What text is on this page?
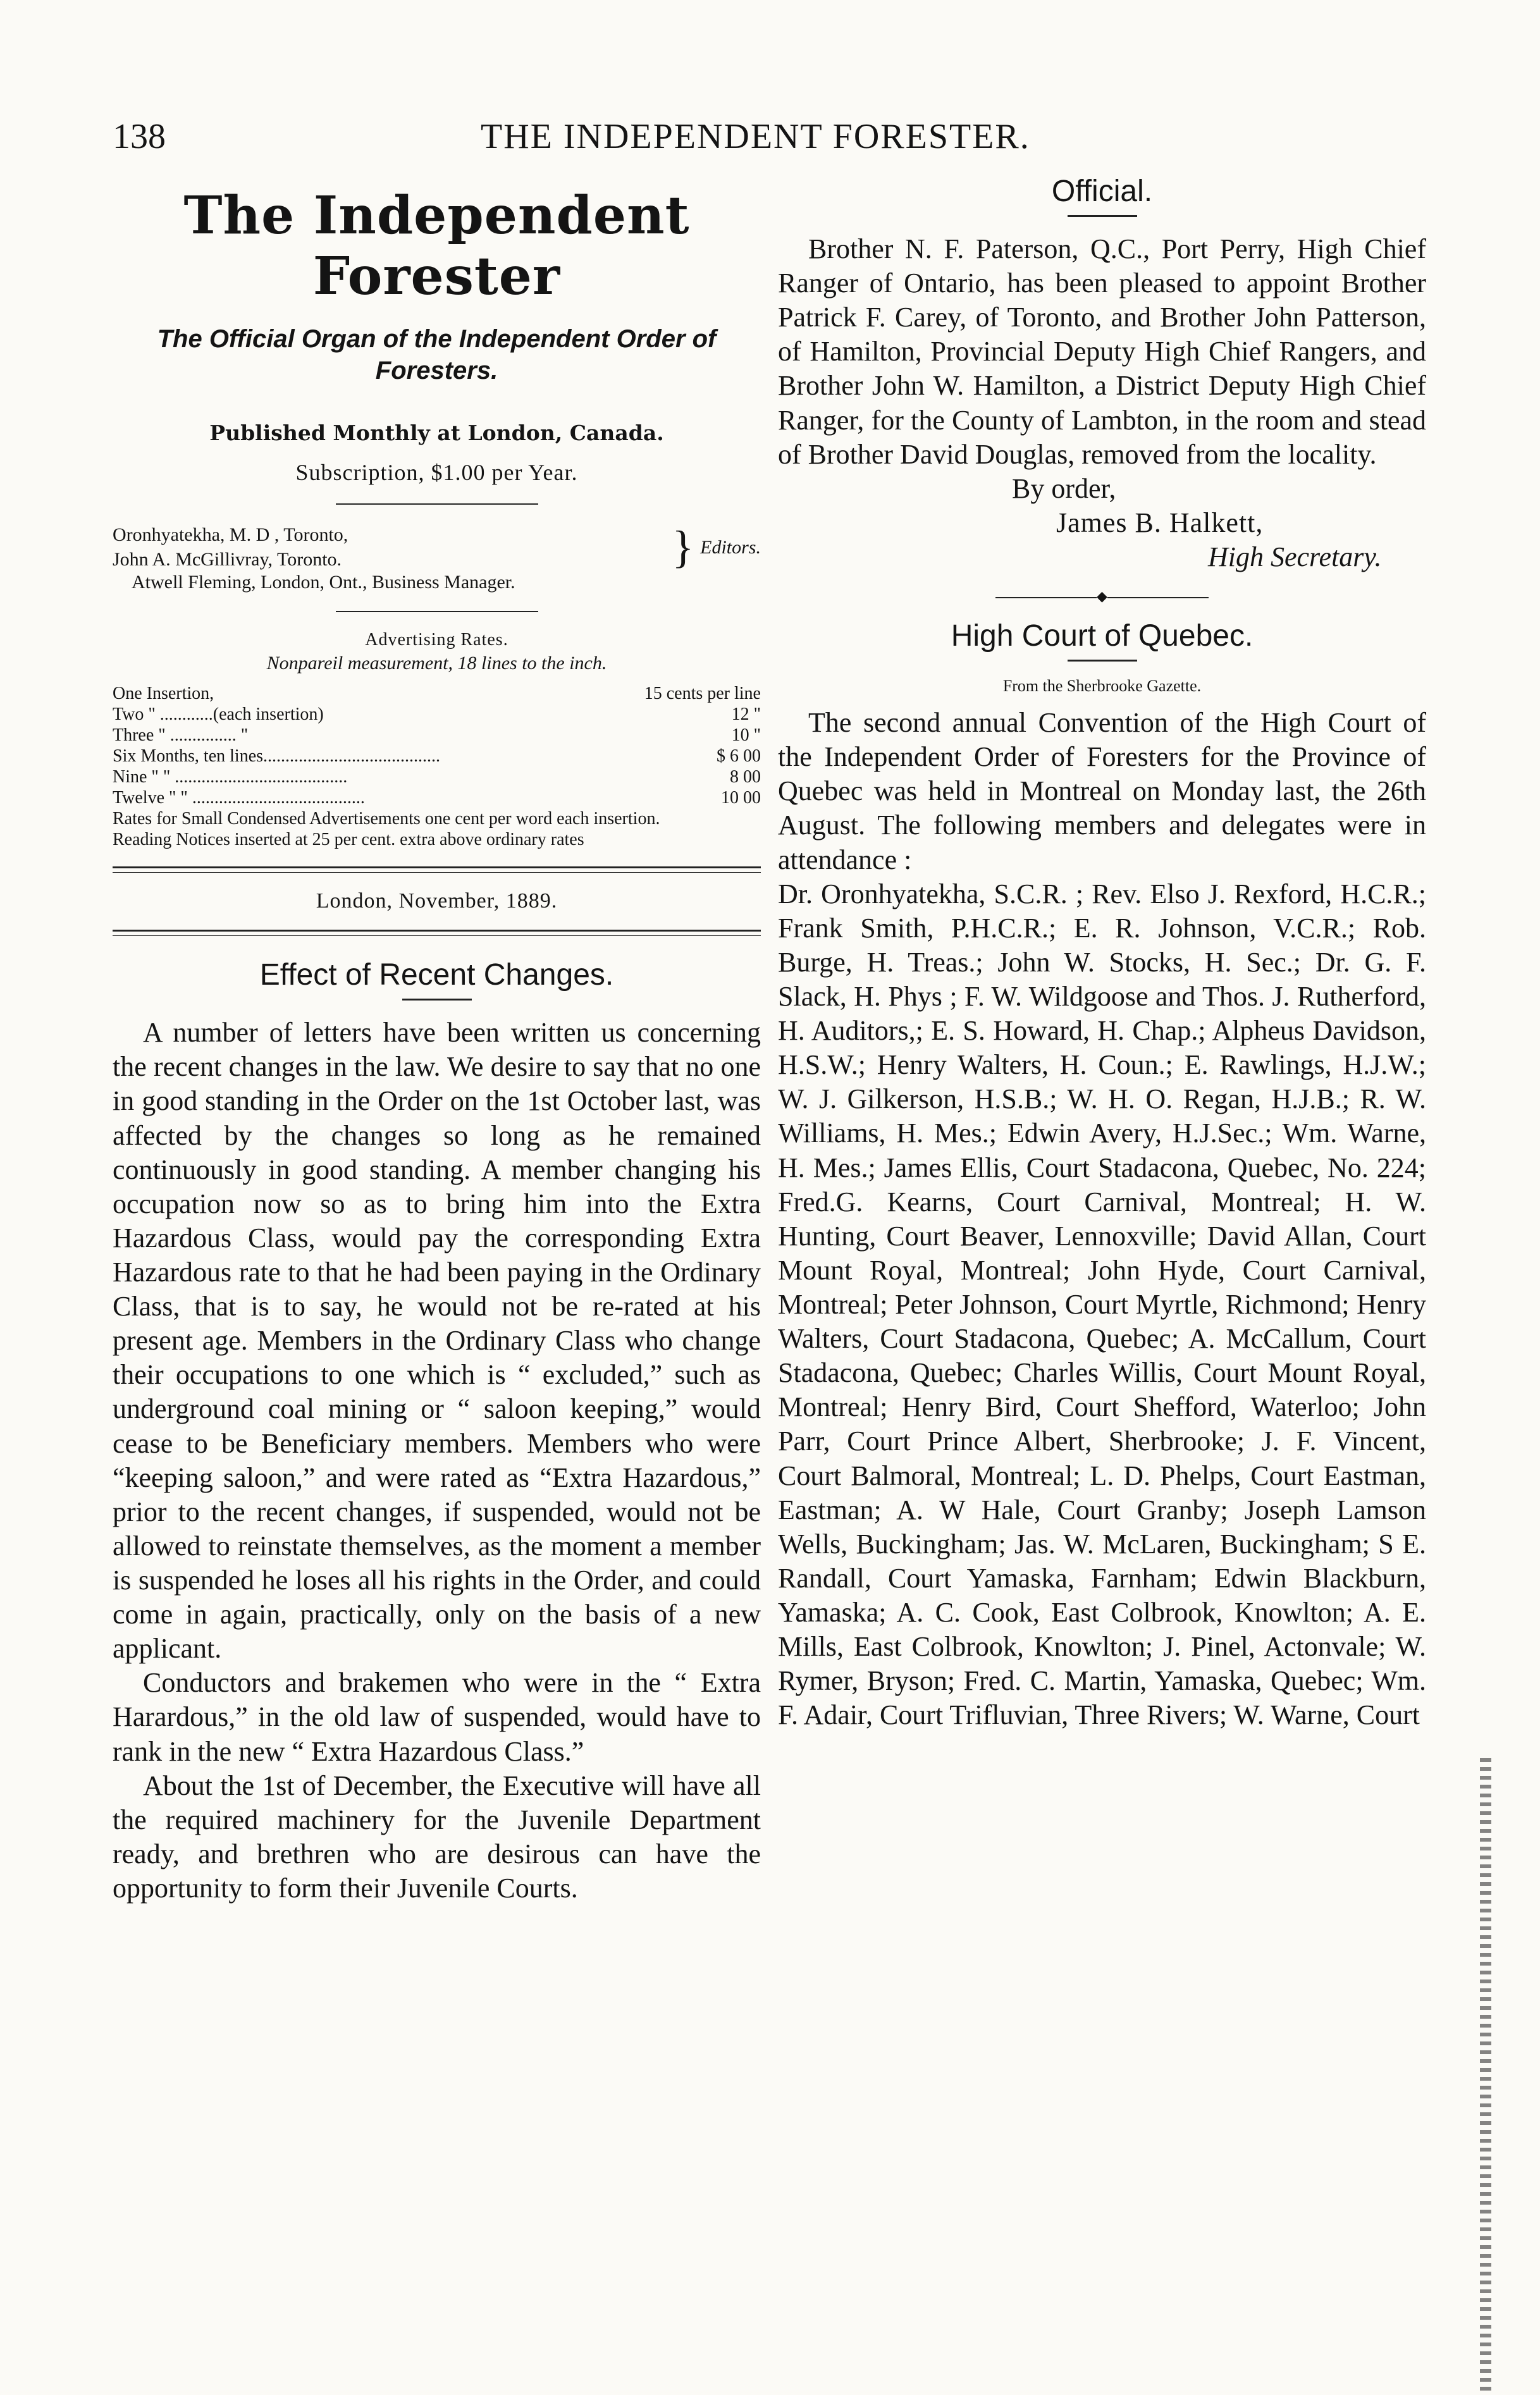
138	THE INDEPENDENT FORESTER.
The Independent Forester
The Official Organ of the Independent Order of Foresters.
Published Monthly at London, Canada.
Subscription, $1.00 per Year.
Oronhyatekha, M. D , Toronto,
John A. McGillivray, Toronto.	} Editors.
Atwell Fleming, London, Ont., Business Manager.
Advertising Rates.
Nonpareil measurement, 18 lines to the inch.
One Insertion,	15 cents per line
Two " ............(each insertion)	12 "
Three " ............... "	10 "
Six Months, ten lines........................................	$ 6 00
Nine " " .......................................	8 00
Twelve " " .......................................	10 00
Rates for Small Condensed Advertisements one cent per word each insertion.
Reading Notices inserted at 25 per cent. extra above ordinary rates
London, November, 1889.
Effect of Recent Changes.

A number of letters have been written us concerning the recent changes in the law. We desire to say that no one in good standing in the Order on the 1st October last, was affected by the changes so long as he remained continuously in good standing. A member changing his occupation now so as to bring him into the Extra Hazardous Class, would pay the corresponding Extra Hazardous rate to that he had been paying in the Ordinary Class, that is to say, he would not be re-rated at his present age. Members in the Ordinary Class who change their occupations to one which is “ excluded,” such as underground coal mining or “ saloon keeping,” would cease to be Beneficiary members. Members who were “keeping saloon,” and were rated as “Extra Hazardous,” prior to the recent changes, if suspended, would not be allowed to reinstate themselves, as the moment a member is suspended he loses all his rights in the Order, and could come in again, practically, only on the basis of a new applicant.

Conductors and brakemen who were in the “ Extra Harardous,” in the old law of suspended, would have to rank in the new “ Extra Hazardous Class.”

About the 1st of December, the Executive will have all the required machinery for the Juvenile Department ready, and brethren who are desirous can have the opportunity to form their Juvenile Courts.

Official.

Brother N. F. Paterson, Q.C., Port Perry, High Chief Ranger of Ontario, has been pleased to appoint Brother Patrick F. Carey, of Toronto, and Brother John Patterson, of Hamilton, Provincial Deputy High Chief Rangers, and Brother John W. Hamilton, a District Deputy High Chief Ranger, for the County of Lambton, in the room and stead of Brother David Douglas, removed from the locality.

By order,
James B. Halkett,
High Secretary.
◆
High Court of Quebec.
From the Sherbrooke Gazette.

The second annual Convention of the High Court of the Independent Order of Foresters for the Province of Quebec was held in Montreal on Monday last, the 26th August. The following members and delegates were in attendance :

Dr. Oronhyatekha, S.C.R. ; Rev. Elso J. Rexford, H.C.R.; Frank Smith, P.H.C.R.; E. R. Johnson, V.C.R.; Rob. Burge, H. Treas.; John W. Stocks, H. Sec.; Dr. G. F. Slack, H. Phys ; F. W. Wildgoose and Thos. J. Rutherford, H. Auditors,; E. S. Howard, H. Chap.; Alpheus Davidson, H.S.W.; Henry Walters, H. Coun.; E. Rawlings, H.J.W.; W. J. Gilkerson, H.S.B.; W. H. O. Regan, H.J.B.; R. W. Williams, H. Mes.; Edwin Avery, H.J.Sec.; Wm. Warne, H. Mes.; James Ellis, Court Stadacona, Quebec, No. 224; Fred.G. Kearns, Court Carnival, Montreal; H. W. Hunting, Court Beaver, Lennoxville; David Allan, Court Mount Royal, Montreal; John Hyde, Court Carnival, Montreal; Peter Johnson, Court Myrtle, Richmond; Henry Walters, Court Stadacona, Quebec; A. McCallum, Court Stadacona, Quebec; Charles Willis, Court Mount Royal, Montreal; Henry Bird, Court Shefford, Waterloo; John Parr, Court Prince Albert, Sherbrooke; J. F. Vincent, Court Balmoral, Montreal; L. D. Phelps, Court Eastman, Eastman; A. W Hale, Court Granby; Joseph Lamson Wells, Buckingham; Jas. W. McLaren, Buckingham; S E. Randall, Court Yamaska, Farnham; Edwin Blackburn, Yamaska; A. C. Cook, East Colbrook, Knowlton; A. E. Mills, East Colbrook, Knowlton; J. Pinel, Actonvale; W. Rymer, Bryson; Fred. C. Martin, Yamaska, Quebec; Wm. F. Adair, Court Trifluvian, Three Rivers; W. Warne, Court
